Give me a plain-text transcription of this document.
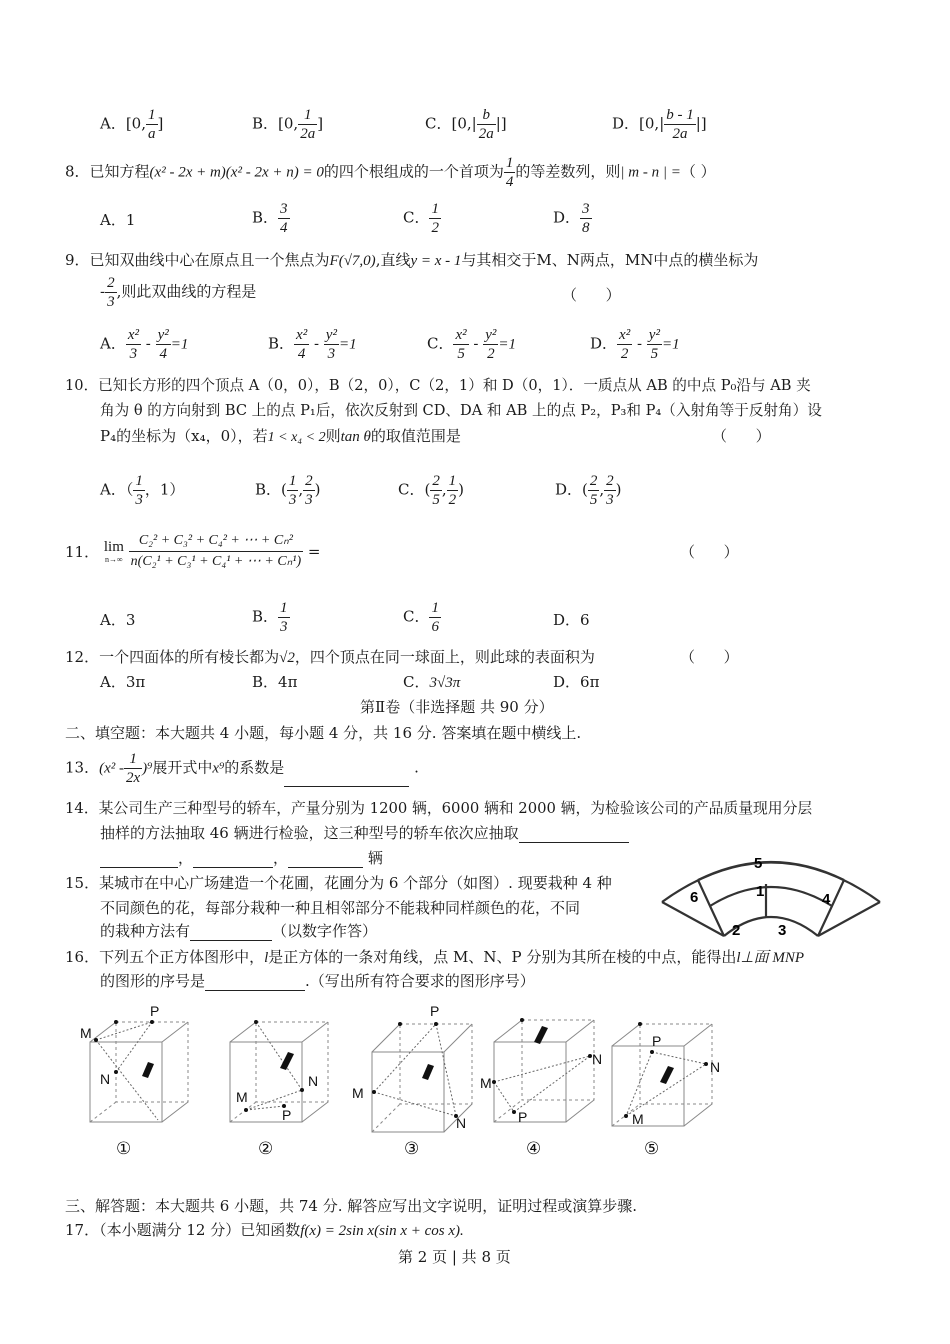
A．[0, $\frac{1}{a}$ ]	B．[0, $\frac{1}{2a}$ ]	C．[$0,| \frac{b}{2a}$ |]	D．[$0,| \frac{b - 1}{2a}$ |]
8．已知方程(x² - 2x + m)(x² - 2x + n) = 0的四个根组成的一个首项为 $\frac{1}{4}$ 的等差数列，则| m - n | =（ ）
A．1	B． $\frac{3}{4}$	C． $\frac{1}{2}$	D． $\frac{3}{8}$
9．已知双曲线中心在原点且一个焦点为F(√7,0),直线y = x - 1与其相交于M、N两点，MN中点的横坐标为
- $\frac{2}{3}$ ,则此双曲线的方程是	（      ）
A． $\frac{\text{x²}}{3} - \frac{\text{y²}}{4} =1$	B． $\frac{\text{x²}}{4} - \frac{\text{y²}}{3} =1$	C． $\frac{\text{x²}}{5} - \frac{\text{y²}}{2} =1$	D． $\frac{\text{x²}}{2} - \frac{\text{y²}}{5} =1$
10．已知长方形的四个顶点 A（0，0），B（2，0），C（2，1）和 D（0，1）．一质点从 AB 的中点 P₀沿与 AB 夹
角为 θ 的方向射到 BC 上的点 P₁后，依次反射到 CD、DA 和 AB 上的点 P₂，P₃和 P₄（入射角等于反射角）设
P₄的坐标为（x₄，0），若1 < x₄ < 2则tan θ的取值范围是	（      ）
A．（ $\frac{1}{3}$ ，1）	B．( $\frac{1}{3}$ , $\frac{2}{3}$ )	C．( $\frac{2}{5}$ , $\frac{1}{2}$ )	D．( $\frac{2}{5}$ , $\frac{2}{3}$ )
11． lim
n→∞
$\frac{\text{C₂² + C₃² + C₄² + ⋯ + Cₙ²}}{\text{n(C₂¹ + C₃¹ + C₄¹ + ⋯ + Cₙ¹)}}$ =	（      ）
A．3	B． $\frac{1}{3}$	C． $\frac{1}{6}$	D．6
12．一个四面体的所有棱长都为√2，四个顶点在同一球面上，则此球的表面积为	（      ）
A．3π	B．4π	C．3√3π	D．6π
第Ⅱ卷（非选择题 共 90 分）
二、填空题：本大题共 4 小题，每小题 4 分，共 16 分. 答案填在题中横线上.
13．$(x^2 - \frac{1}{2x} )^9$展开式中x⁹的系数是	.
14．某公司生产三种型号的轿车，产量分别为 1200 辆，6000 辆和 2000 辆，为检验该公司的产品质量现用分层
抽样的方法抽取 46 辆进行检验，这三种型号的轿车依次应抽取
，	，	辆
15．某城市在中心广场建造一个花圃，花圃分为 6 个部分（如图）. 现要栽种 4 种
不同颜色的花，每部分栽种一种且相邻部分不能栽种同样颜色的花，不同
的栽种方法有	（以数字作答）
5
1
6	4
2	3
16．下列五个正方体图形中，l是正方体的一条对角线，点 M、N、P 分别为其所在棱的中点，能得出l⊥面 MNP
的图形的序号是	.（写出所有符合要求的图形序号）
M
P
N	N
M
P
P
M
N
N
M
P
P
N
M
①	②	③	④	⑤
三、解答题：本大题共 6 小题，共 74 分. 解答应写出文字说明，证明过程或演算步骤.
17．（本小题满分 12 分）已知函数f(x) = 2sin x(sin x + cos x).
第 2 页 | 共 8 页
